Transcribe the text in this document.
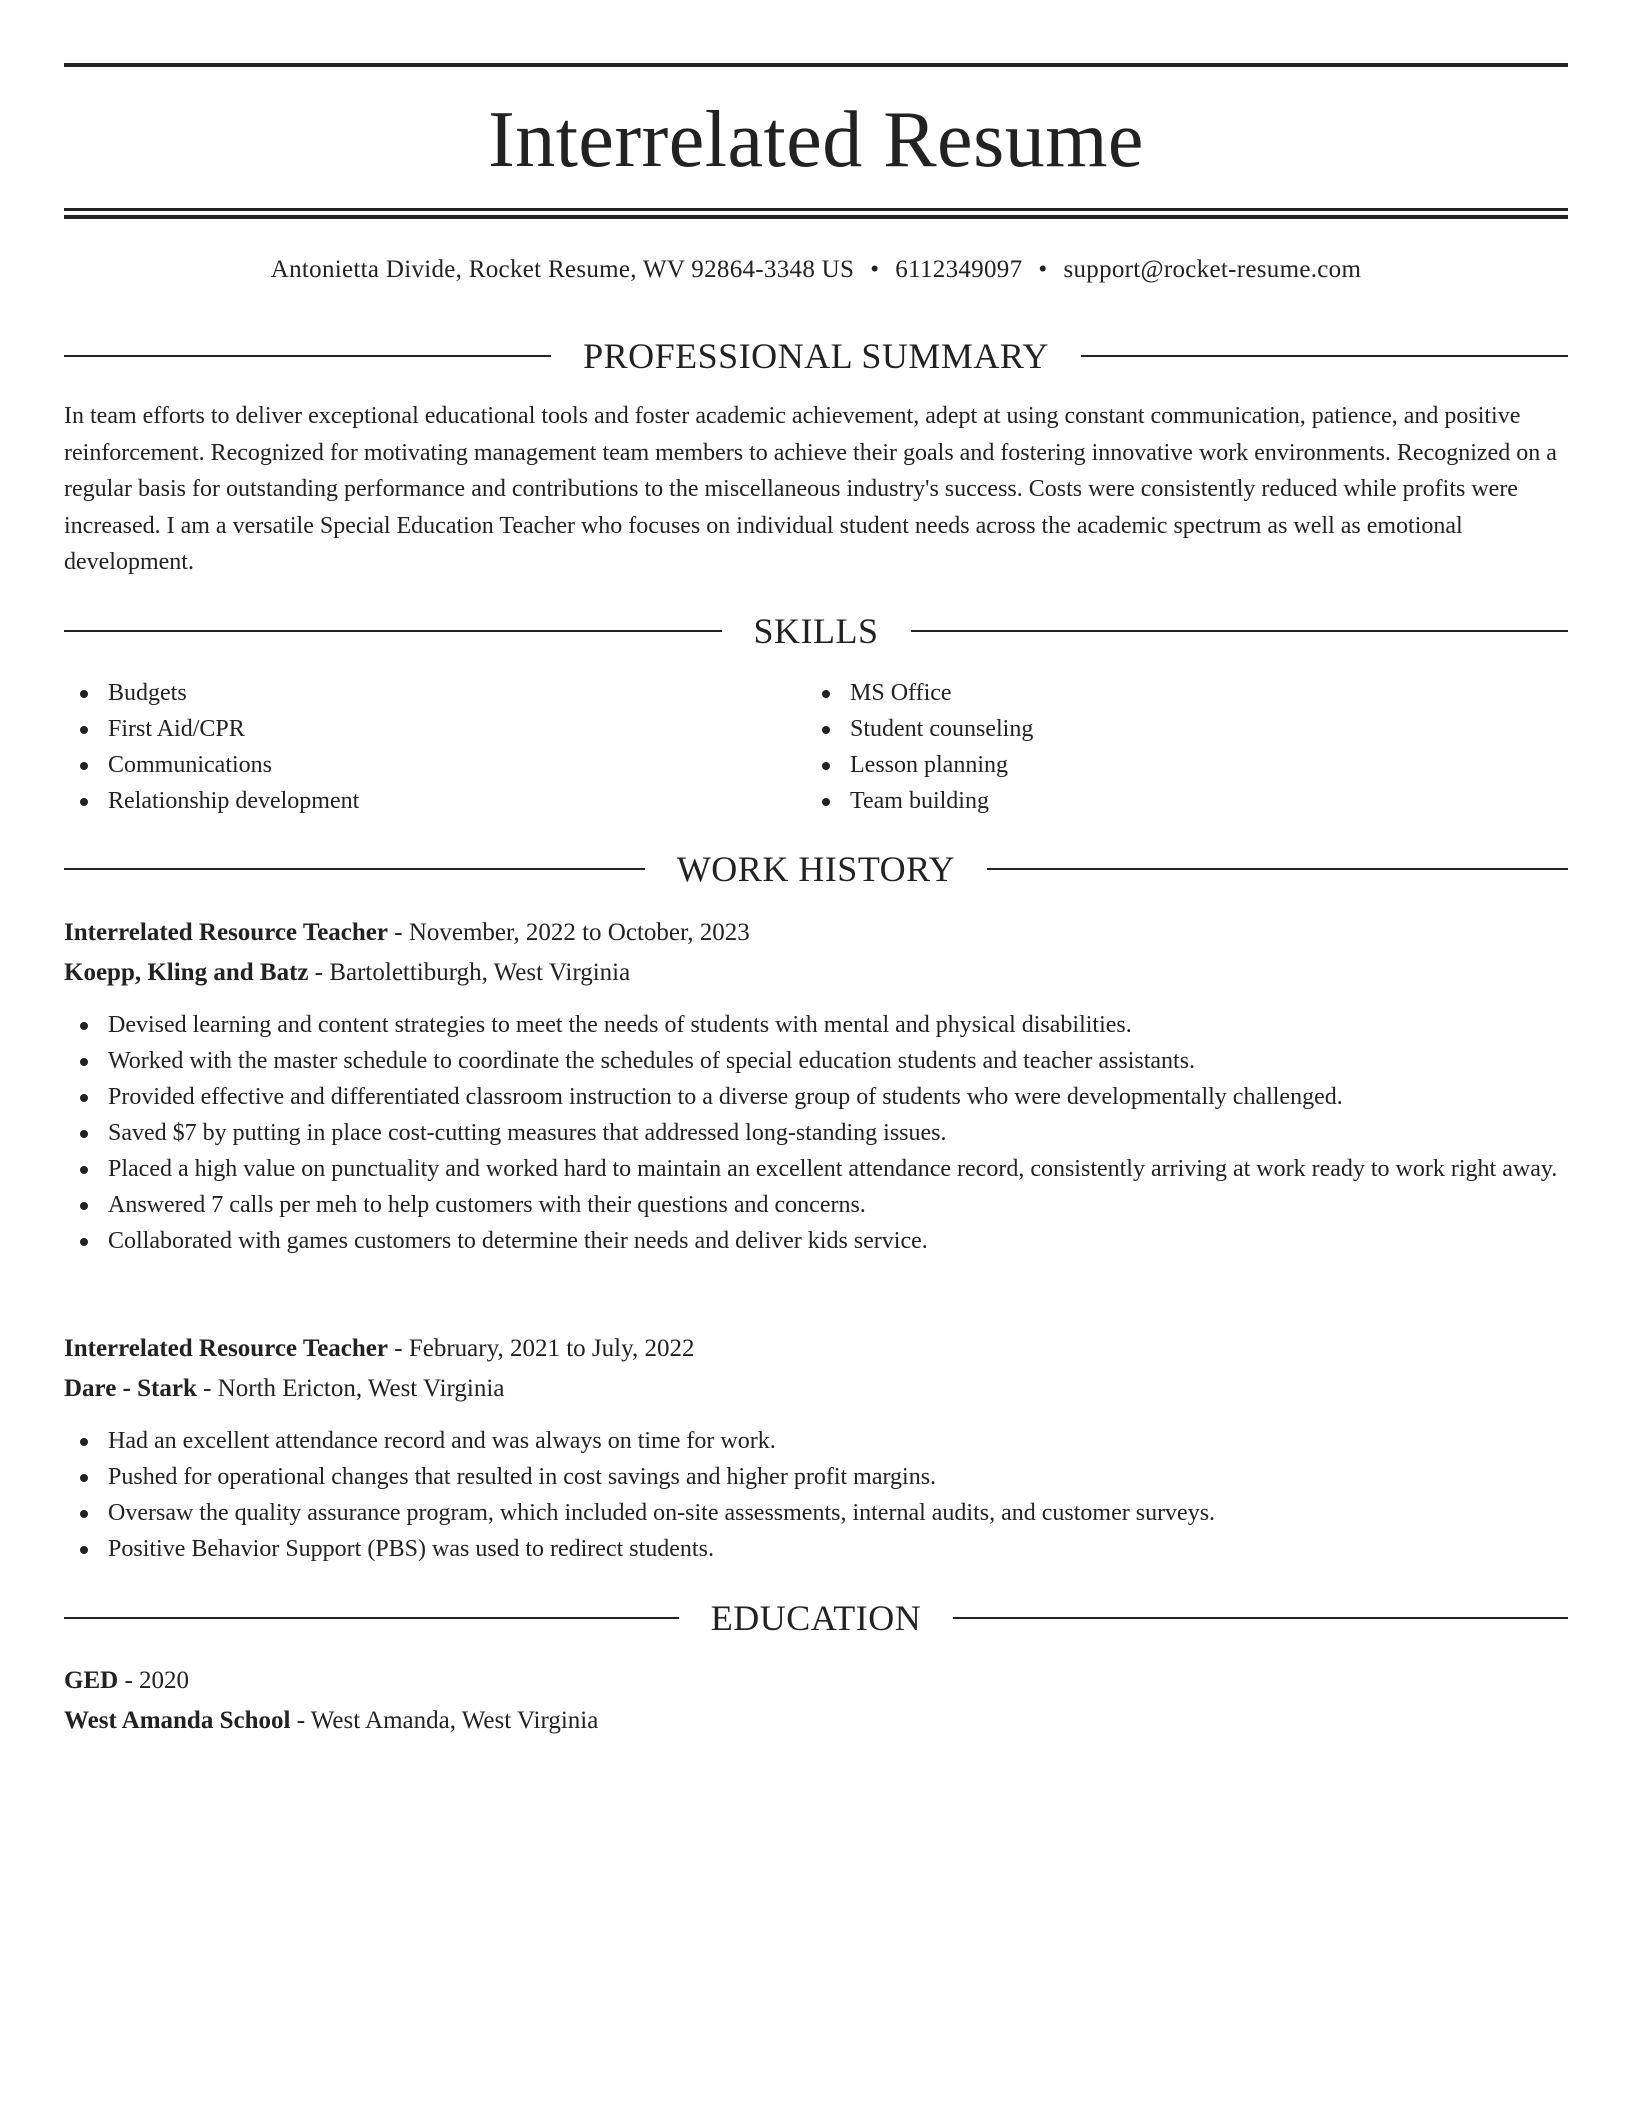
Interrelated Resume
Antonietta Divide, Rocket Resume, WV 92864-3348 US • 6112349097 • support@rocket-resume.com
PROFESSIONAL SUMMARY

In team efforts to deliver exceptional educational tools and foster academic achievement, adept at using constant communication, patience, and positive reinforcement. Recognized for motivating management team members to achieve their goals and fostering innovative work environments. Recognized on a regular basis for outstanding performance and contributions to the miscellaneous industry's success. Costs were consistently reduced while profits were increased. I am a versatile Special Education Teacher who focuses on individual student needs across the academic spectrum as well as emotional development.

SKILLS
Budgets
First Aid/CPR
Communications
Relationship development
MS Office
Student counseling
Lesson planning
Team building
WORK HISTORY
Interrelated Resource Teacher - November, 2022 to October, 2023
Koepp, Kling and Batz - Bartolettiburgh, West Virginia
Devised learning and content strategies to meet the needs of students with mental and physical disabilities.
Worked with the master schedule to coordinate the schedules of special education students and teacher assistants.
Provided effective and differentiated classroom instruction to a diverse group of students who were developmentally challenged.
Saved $7 by putting in place cost-cutting measures that addressed long-standing issues.
Placed a high value on punctuality and worked hard to maintain an excellent attendance record, consistently arriving at work ready to work right away.
Answered 7 calls per meh to help customers with their questions and concerns.
Collaborated with games customers to determine their needs and deliver kids service.
Interrelated Resource Teacher - February, 2021 to July, 2022
Dare - Stark - North Ericton, West Virginia
Had an excellent attendance record and was always on time for work.
Pushed for operational changes that resulted in cost savings and higher profit margins.
Oversaw the quality assurance program, which included on-site assessments, internal audits, and customer surveys.
Positive Behavior Support (PBS) was used to redirect students.
EDUCATION
GED - 2020
West Amanda School - West Amanda, West Virginia
